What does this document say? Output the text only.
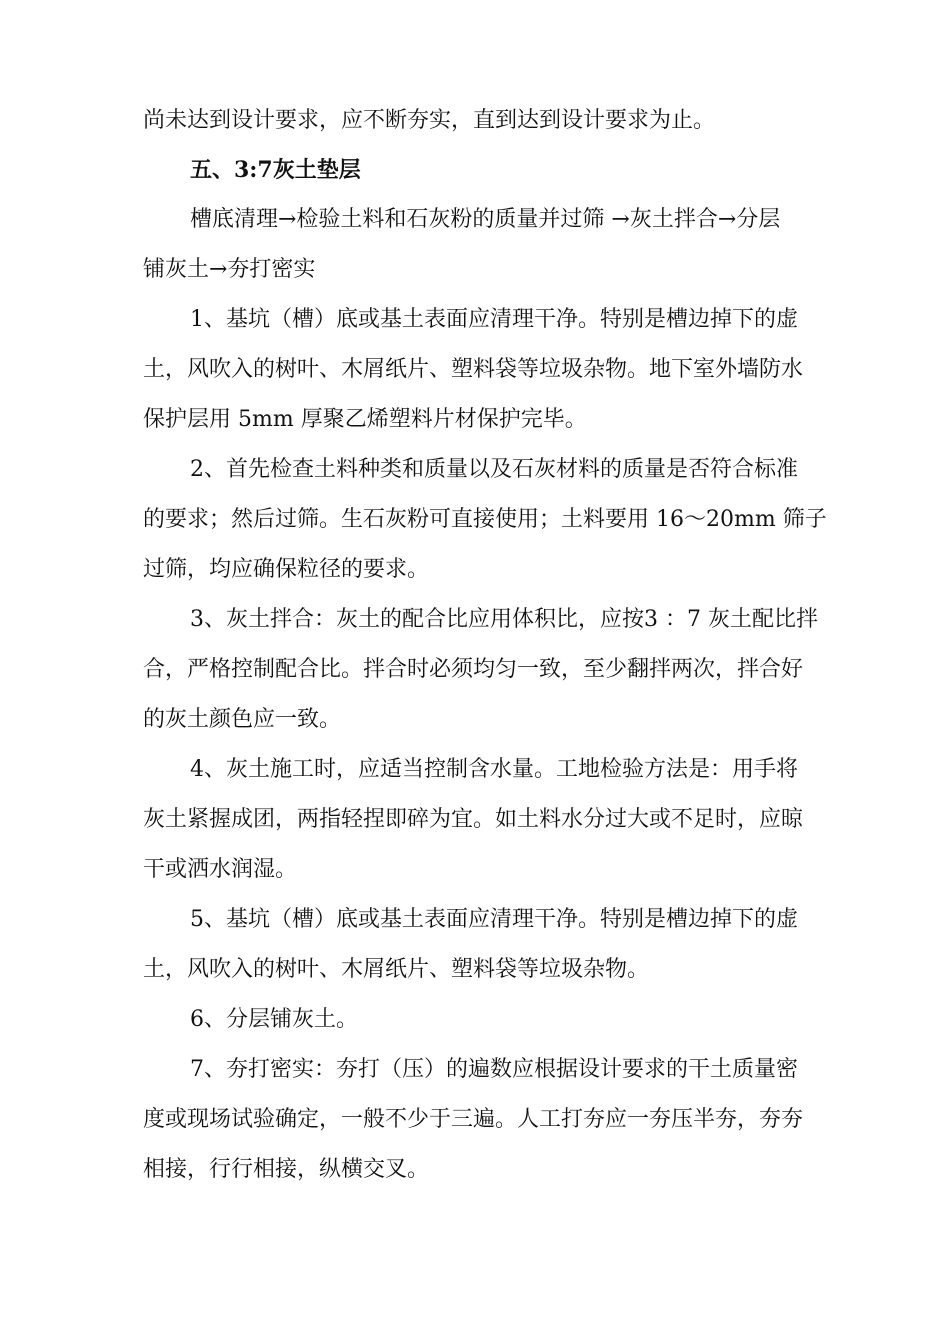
尚未达到设计要求，应不断夯实，直到达到设计要求为止。
五、3:7灰土垫层
槽底清理→检验土料和石灰粉的质量并过筛 →灰土拌合→分层
铺灰土→夯打密实
1、基坑（槽）底或基土表面应清理干净。特别是槽边掉下的虚
土，风吹入的树叶、木屑纸片、塑料袋等垃圾杂物。地下室外墙防水
保护层用 5mm 厚聚乙烯塑料片材保护完毕。
2、首先检查土料种类和质量以及石灰材料的质量是否符合标准
的要求；然后过筛。生石灰粉可直接使用；土料要用 16～20mm 筛子
过筛，均应确保粒径的要求。
3、灰土拌合：灰土的配合比应用体积比，应按3 ：7 灰土配比拌
合，严格控制配合比。拌合时必须均匀一致，至少翻拌两次，拌合好
的灰土颜色应一致。
4、灰土施工时，应适当控制含水量。工地检验方法是：用手将
灰土紧握成团，两指轻捏即碎为宜。如土料水分过大或不足时，应晾
干或洒水润湿。
5、基坑（槽）底或基土表面应清理干净。特别是槽边掉下的虚
土，风吹入的树叶、木屑纸片、塑料袋等垃圾杂物。
6、分层铺灰土。
7、夯打密实：夯打（压）的遍数应根据设计要求的干土质量密
度或现场试验确定，一般不少于三遍。人工打夯应一夯压半夯，夯夯
相接，行行相接，纵横交叉。
